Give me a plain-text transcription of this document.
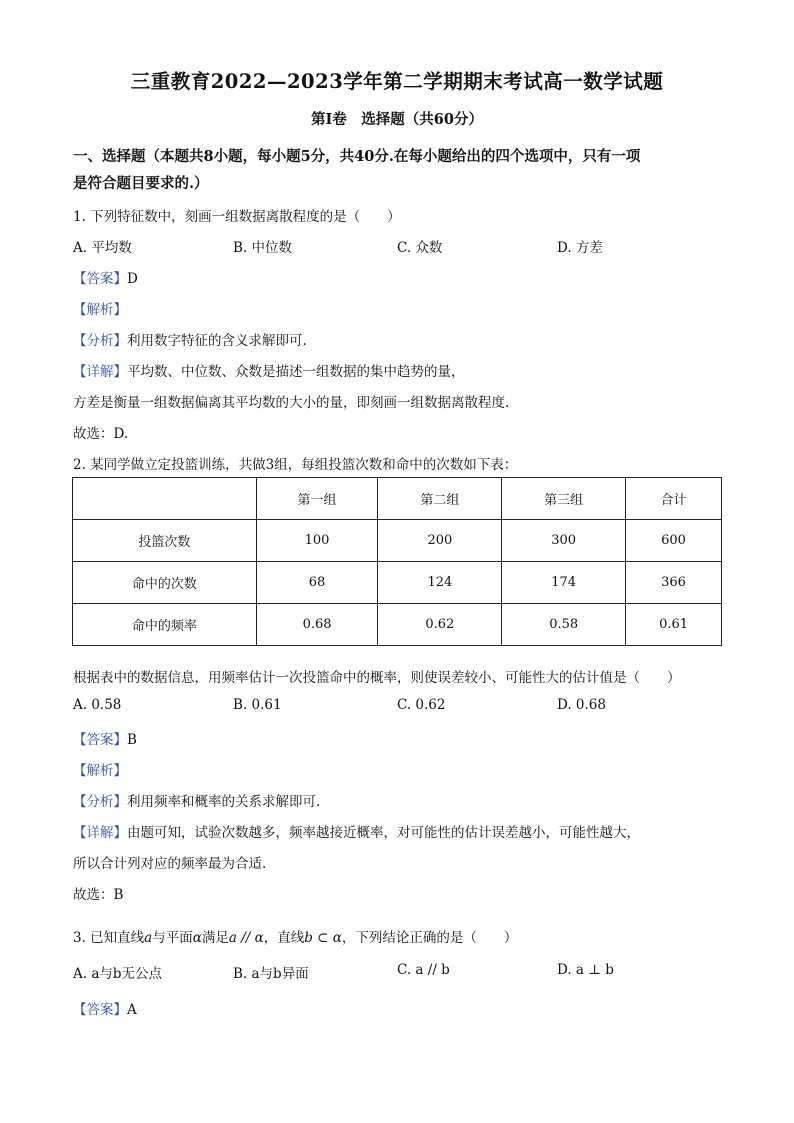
三重教育2022—2023学年第二学期期末考试高一数学试题
第Ⅰ卷　选择题（共60分）
一、选择题（本题共8小题，每小题5分，共40分.在每小题给出的四个选项中，只有一项
是符合题目要求的.）
1. 下列特征数中，刻画一组数据离散程度的是（　　）
A. 平均数	B. 中位数	C. 众数	D. 方差
【答案】D
【解析】
【分析】利用数字特征的含义求解即可.
【详解】平均数、中位数、众数是描述一组数据的集中趋势的量，
方差是衡量一组数据偏离其平均数的大小的量，即刻画一组数据离散程度.
故选：D.
2. 某同学做立定投篮训练，共做3组，每组投篮次数和命中的次数如下表：
	第一组	第二组	第三组	合计
投篮次数	100	200	300	600
命中的次数	68	124	174	366
命中的频率	0.68	0.62	0.58	0.61
根据表中的数据信息，用频率估计一次投篮命中的概率，则使误差较小、可能性大的估计值是（　　）
A. 0.58	B. 0.61	C. 0.62	D. 0.68
【答案】B
【解析】
【分析】利用频率和概率的关系求解即可.
【详解】由题可知，试验次数越多，频率越接近概率，对可能性的估计误差越小，可能性越大，
所以合计列对应的频率最为合适.
故选：B
3. 已知直线a与平面α满足a // α，直线b ⊂ α，下列结论正确的是（　　）
A. a与b无公点	B. a与b异面	C. a // b	D. a ⊥ b
【答案】A
